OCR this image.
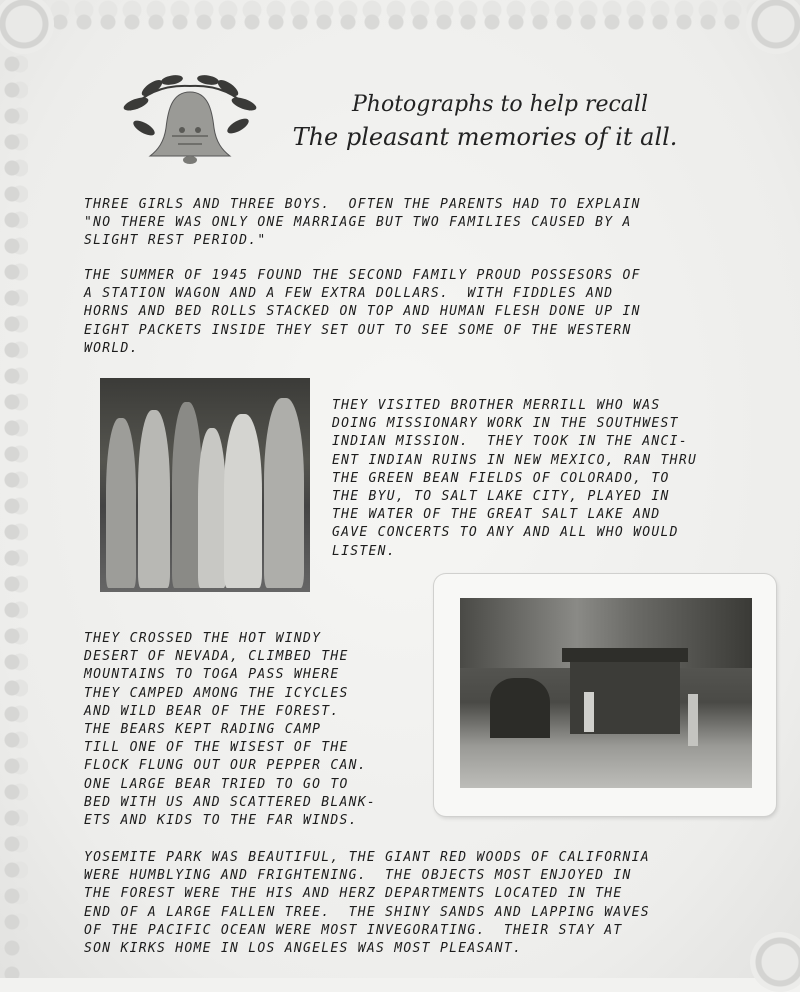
Photographs to help recall
The pleasant memories of it all.

THREE GIRLS AND THREE BOYS.  OFTEN THE PARENTS HAD TO EXPLAIN
"NO THERE WAS ONLY ONE MARRIAGE BUT TWO FAMILIES CAUSED BY A
SLIGHT REST PERIOD."

THE SUMMER OF 1945 FOUND THE SECOND FAMILY PROUD POSSESORS OF
A STATION WAGON AND A FEW EXTRA DOLLARS.  WITH FIDDLES AND
HORNS AND BED ROLLS STACKED ON TOP AND HUMAN FLESH DONE UP IN
EIGHT PACKETS INSIDE THEY SET OUT TO SEE SOME OF THE WESTERN
WORLD.

THEY VISITED BROTHER MERRILL WHO WAS
DOING MISSIONARY WORK IN THE SOUTHWEST
INDIAN MISSION.  THEY TOOK IN THE ANCI-
ENT INDIAN RUINS IN NEW MEXICO, RAN THRU
THE GREEN BEAN FIELDS OF COLORADO, TO
THE BYU, TO SALT LAKE CITY, PLAYED IN
THE WATER OF THE GREAT SALT LAKE AND
GAVE CONCERTS TO ANY AND ALL WHO WOULD
LISTEN.

THEY CROSSED THE HOT WINDY
DESERT OF NEVADA, CLIMBED THE
MOUNTAINS TO TOGA PASS WHERE
THEY CAMPED AMONG THE ICYCLES
AND WILD BEAR OF THE FOREST.
THE BEARS KEPT RADING CAMP
TILL ONE OF THE WISEST OF THE
FLOCK FLUNG OUT OUR PEPPER CAN.
ONE LARGE BEAR TRIED TO GO TO
BED WITH US AND SCATTERED BLANK-
ETS AND KIDS TO THE FAR WINDS.

YOSEMITE PARK WAS BEAUTIFUL, THE GIANT RED WOODS OF CALIFORNIA
WERE HUMBLYING AND FRIGHTENING.  THE OBJECTS MOST ENJOYED IN
THE FOREST WERE THE HIS AND HERZ DEPARTMENTS LOCATED IN THE
END OF A LARGE FALLEN TREE.  THE SHINY SANDS AND LAPPING WAVES
OF THE PACIFIC OCEAN WERE MOST INVEGORATING.  THEIR STAY AT
SON KIRKS HOME IN LOS ANGELES WAS MOST PLEASANT.
